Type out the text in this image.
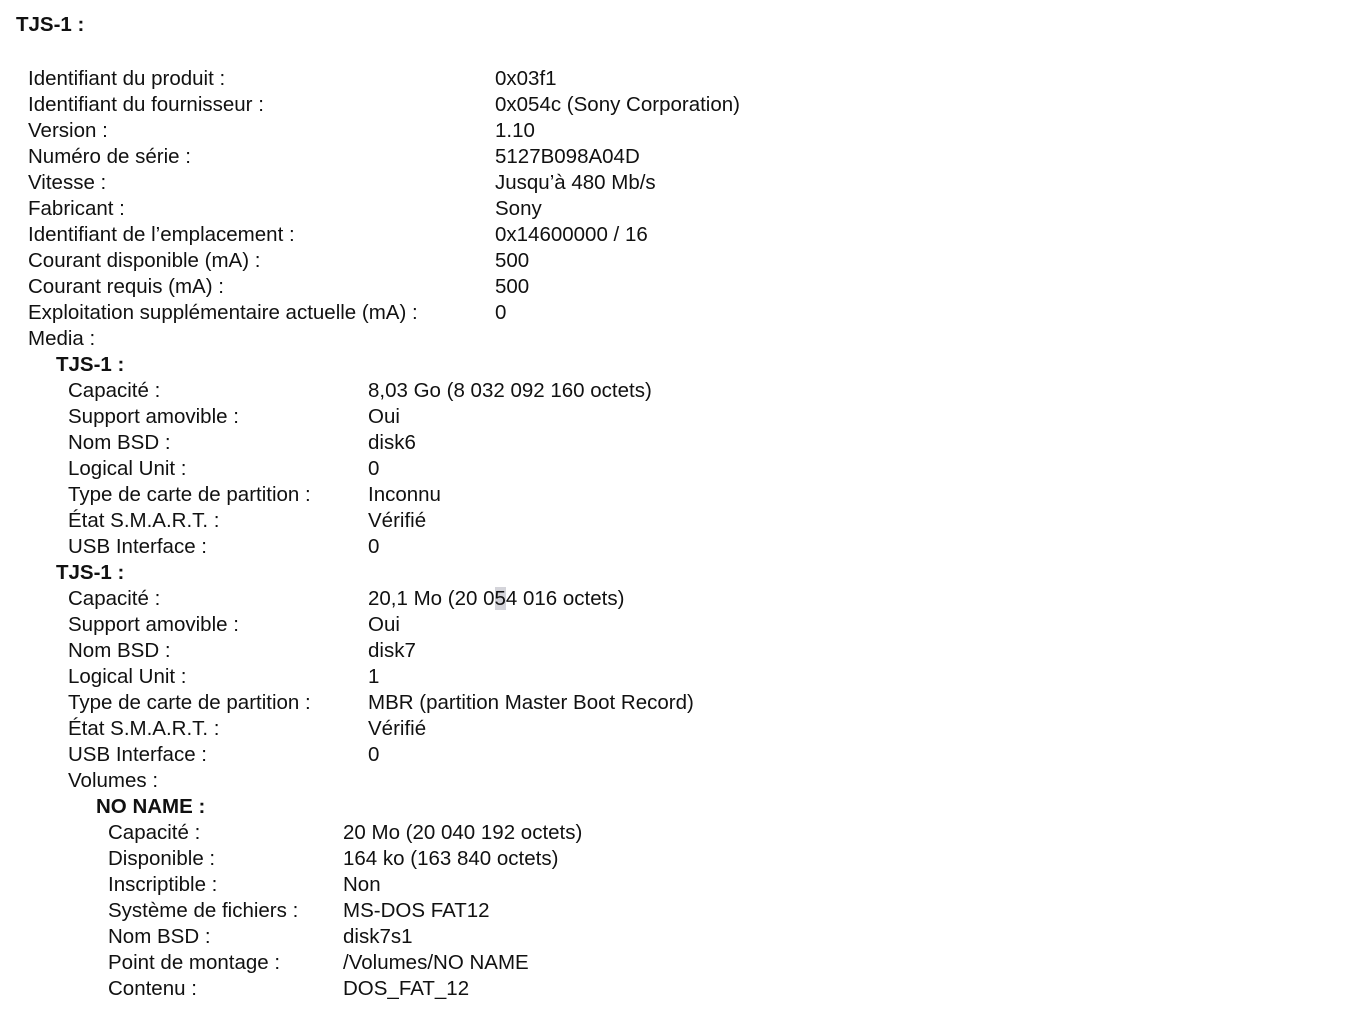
TJS-1 :
Identifiant du produit :	0x03f1
Identifiant du fournisseur :	0x054c (Sony Corporation)
Version :	1.10
Numéro de série :	5127B098A04D
Vitesse :	Jusqu’à 480 Mb/s
Fabricant :	Sony
Identifiant de l’emplacement :	0x14600000 / 16
Courant disponible (mA) :	500
Courant requis (mA) :	500
Exploitation supplémentaire actuelle (mA) :	0
Media :
TJS-1 :
Capacité :	8,03 Go (8 032 092 160 octets)
Support amovible :	Oui
Nom BSD :	disk6
Logical Unit :	0
Type de carte de partition :	Inconnu
État S.M.A.R.T. :	Vérifié
USB Interface :	0
TJS-1 :
Capacité :	20,1 Mo (20 054 016 octets)
Support amovible :	Oui
Nom BSD :	disk7
Logical Unit :	1
Type de carte de partition :	MBR (partition Master Boot Record)
État S.M.A.R.T. :	Vérifié
USB Interface :	0
Volumes :
NO NAME :
Capacité :	20 Mo (20 040 192 octets)
Disponible :	164 ko (163 840 octets)
Inscriptible :	Non
Système de fichiers : MS-DOS FAT12
Nom BSD :	disk7s1
Point de montage :	/Volumes/NO NAME
Contenu :	DOS_FAT_12
